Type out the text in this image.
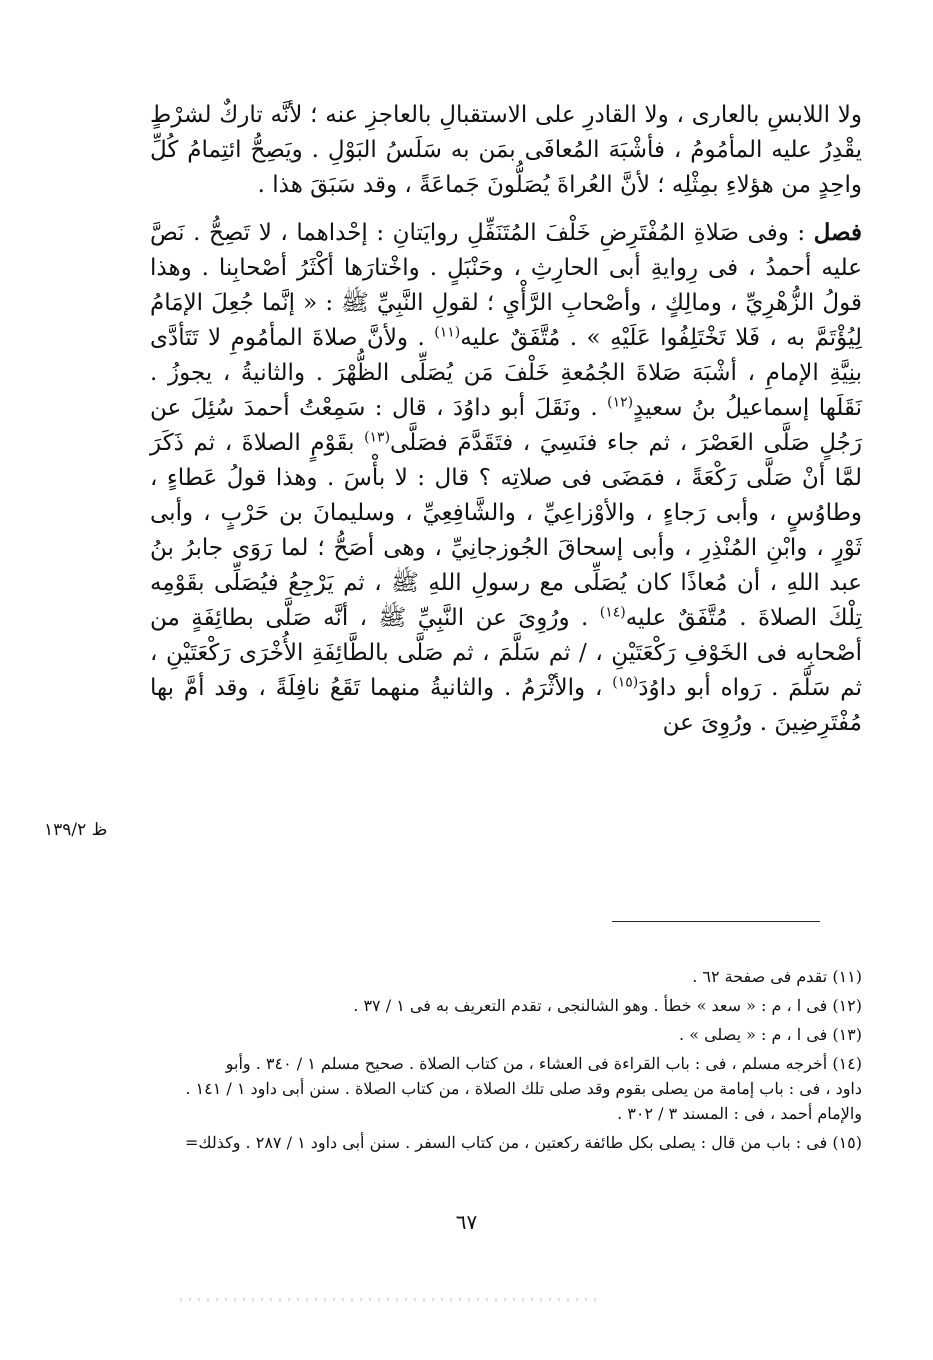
ولا اللابسِ بالعارى ، ولا القادرِ على الاستقبالِ بالعاجزِ عنه ؛ لأنَّه تاركٌ لشرْطٍ يقْدِرُ عليه المأمُومُ ، فأشْبَهَ المُعافَى بمَن به سَلَسُ البَوْلِ . ويَصِحُّ ائتِمامُ كُلِّ واحِدٍ من هؤلاءِ بمِثْلِه ؛ لأنَّ العُراةَ يُصَلُّونَ جَماعَةً ، وقد سَبَقَ هذا .

فصل : وفى صَلاةِ المُفْتَرِضِ خَلْفَ المُتَنَفِّلِ روايَتانِ : إحْداهما ، لا تَصِحُّ . نَصَّ عليه أحمدُ ، فى رِوايةِ أبى الحارِثِ ، وحَنْبَلٍ . واخْتارَها أكْثَرُ أصْحابِنا . وهذا قولُ الزُّهْرِيِّ ، ومالِكٍ ، وأصْحابِ الرَّأْيِ ؛ لقولِ النَّبِيِّ ﷺ : « إنَّما جُعِلَ الإمَامُ لِيُؤْتَمَّ به ، فَلا تَخْتَلِفُوا عَلَيْهِ » . مُتَّفَقٌ عليه$^{(١١)}$ . ولأنَّ صلاةَ المأمُومِ لا تَتَأدَّى بنِيَّةِ الإمامِ ، أشْبَهَ صَلاةَ الجُمُعةِ خَلْفَ مَن يُصَلِّى الظُّهْرَ . والثانيةُ ، يجوزُ . نَقَلَها إسماعيلُ بنُ سعيدٍ$^{(١٢)}$ . ونَقَلَ أبو داوُدَ ، قال : سَمِعْتُ أحمدَ سُئِلَ عن رَجُلٍ صَلَّى العَصْرَ ، ثم جاء فنَسِيَ ، فتَقَدَّمَ فصَلَّى$^{(١٣)}$ بقَوْمٍ الصلاةَ ، ثم ذَكَرَ لمَّا أنْ صَلَّى رَكْعَةً ، فمَضَى فى صلاتِه ؟ قال : لا بأْسَ . وهذا قولُ عَطاءٍ ، وطاوُسٍ ، وأبى رَجاءٍ ، والأوْزاعِيِّ ، والشَّافِعِيِّ ، وسليمانَ بن حَرْبٍ ، وأبى ثَوْرٍ ، وابْنِ المُنْذِرِ ، وأبى إسحاقَ الجُوزجانِيِّ ، وهى أصَحُّ ؛ لما رَوَى جابرُ بنُ عبد اللهِ ، أن مُعاذًا كان يُصَلِّى مع رسولِ اللهِ ﷺ ، ثم يَرْجِعُ فيُصَلِّى بقَوْمِه تِلْكَ الصلاةَ . مُتَّفَقٌ عليه$^{(١٤)}$ . ورُوِىَ عن النَّبِيِّ ﷺ ، أنَّه صَلَّى بطائِفَةٍ من أصْحابِه فى الخَوْفِ رَكْعَتَيْنِ ، / ثم سَلَّمَ ، ثم صَلَّى بالطَّائِفَةِ الأُخْرَى رَكْعَتَيْنِ ، ثم سَلَّمَ . رَواه أبو داوُدَ$^{(١٥)}$ ، والأثْرَمُ . والثانيةُ منهما تَقَعُ نافِلَةً ، وقد أمَّ بها مُفْتَرِضِينَ . ورُوِىَ عن

ظ ١٣٩/٢

(١١) تقدم فى صفحة ٦٢ .

(١٢) فى ا ، م : « سعد » خطأ . وهو الشالنجى ، تقدم التعريف به فى ١ / ٣٧ .

(١٣) فى ا ، م : « يصلى » .

(١٤) أخرجه مسلم ، فى : باب القراءة فى العشاء ، من كتاب الصلاة . صحيح مسلم ١ / ٣٤٠ . وأبو
داود ، فى : باب إمامة من يصلى بقوم وقد صلى تلك الصلاة ، من كتاب الصلاة . سنن أبى داود ١ / ١٤١ .
والإمام أحمد ، فى : المسند ٣ / ٣٠٢ .

(١٥) فى : باب من قال : يصلى بكل طائفة ركعتين ، من كتاب السفر . سنن أبى داود ١ / ٢٨٧ . وكذلك=

٦٧
